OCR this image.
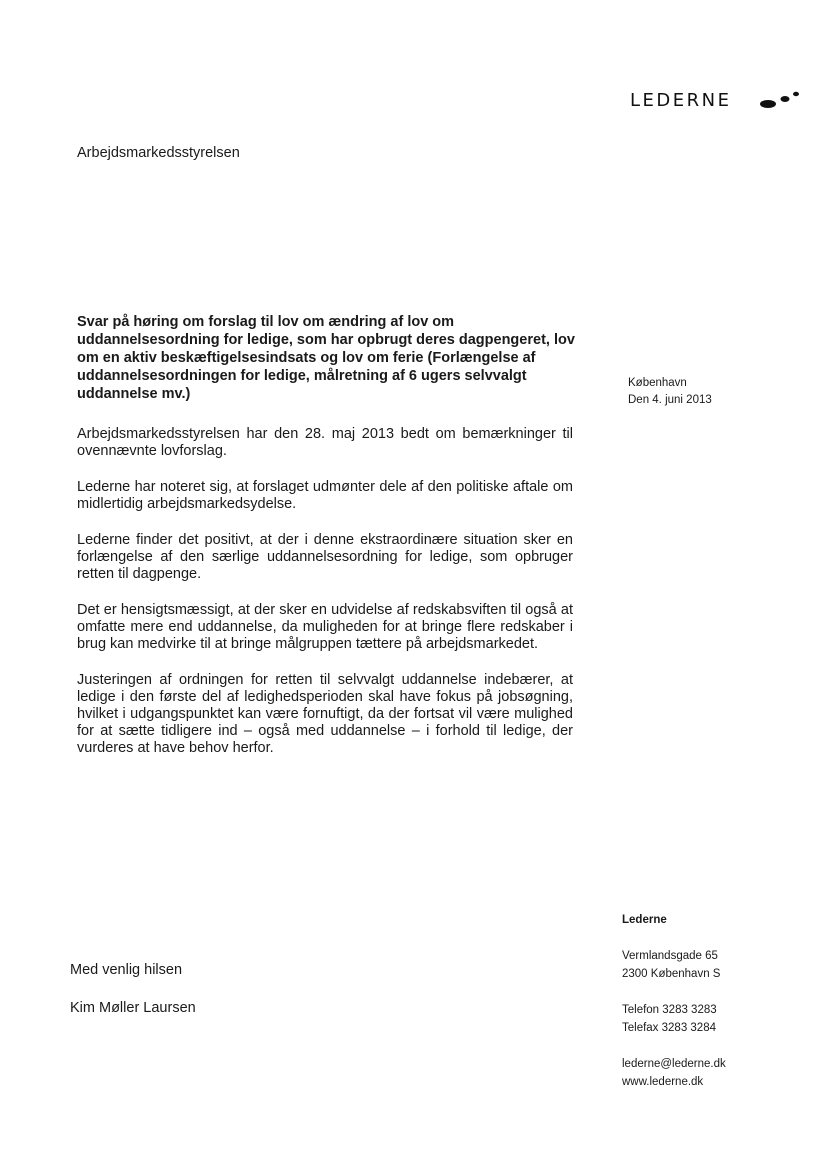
LEDERNE
Arbejdsmarkedsstyrelsen
Svar på høring om forslag til lov om ændring af lov om uddannelsesordning for ledige, som har opbrugt deres dagpengeret, lov om en aktiv beskæftigelsesindsats og lov om ferie (Forlængelse af uddannelsesordningen for ledige, målretning af 6 ugers selvvalgt uddannelse mv.)
København
Den 4. juni 2013

Arbejdsmarkedsstyrelsen har den 28. maj 2013 bedt om bemærkninger til ovennævnte lovforslag.

Lederne har noteret sig, at forslaget udmønter dele af den politiske aftale om midlertidig arbejdsmarkedsydelse.

Lederne finder det positivt, at der i denne ekstraordinære situation sker en forlængelse af den særlige uddannelsesordning for ledige, som opbruger retten til dagpenge.

Det er hensigtsmæssigt, at der sker en udvidelse af redskabsviften til også at omfatte mere end uddannelse, da muligheden for at bringe flere redskaber i brug kan medvirke til at bringe målgruppen tættere på arbejdsmarkedet.

Justeringen af ordningen for retten til selvvalgt uddannelse indebærer, at ledige i den første del af ledighedsperioden skal have fokus på jobsøgning, hvilket i udgangspunktet kan være fornuftigt, da der fortsat vil være mulighed for at sætte tidligere ind – også med uddannelse – i forhold til ledige, der vurderes at have behov herfor.

Med venlig hilsen
Kim Møller Laursen
Lederne
Vermlandsgade 65
2300 København S
Telefon 3283 3283
Telefax 3283 3284
lederne@lederne.dk
www.lederne.dk
